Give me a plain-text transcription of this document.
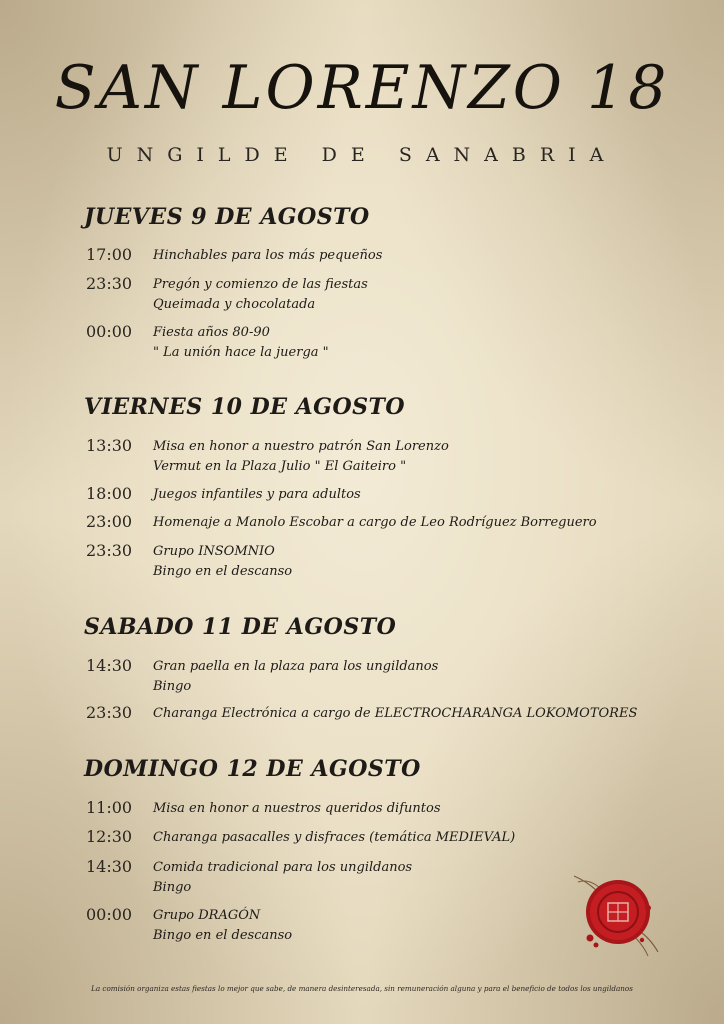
SAN LORENZO 18
UNGILDE DE SANABRIA
JUEVES 9 DE AGOSTO
17:00	Hinchables para los más pequeños
23:30	Pregón y comienzo de las fiestas
Queimada y chocolatada
00:00	Fiesta años 80-90
" La unión hace la juerga "
VIERNES 10 DE AGOSTO
13:30	Misa en honor a nuestro patrón San Lorenzo
Vermut en la Plaza Julio " El Gaiteiro "
18:00	Juegos infantiles y para adultos
23:00	Homenaje a Manolo Escobar a cargo de Leo Rodríguez Borreguero
23:30	Grupo INSOMNIO
Bingo en el descanso
SABADO 11 DE AGOSTO
14:30	Gran paella en la plaza para los ungildanos
Bingo
23:30	Charanga Electrónica a cargo de ELECTROCHARANGA LOKOMOTORES
DOMINGO 12 DE AGOSTO
11:00	Misa en honor a nuestros queridos difuntos
12:30	Charanga pasacalles y disfraces (temática MEDIEVAL)
14:30	Comida tradicional para los ungildanos
Bingo
00:00	Grupo DRAGÓN
Bingo en el descanso
La comisión organiza estas fiestas lo mejor que sabe, de manera desinteresada, sin remuneración alguna y para el beneficio de todos los ungildanos
